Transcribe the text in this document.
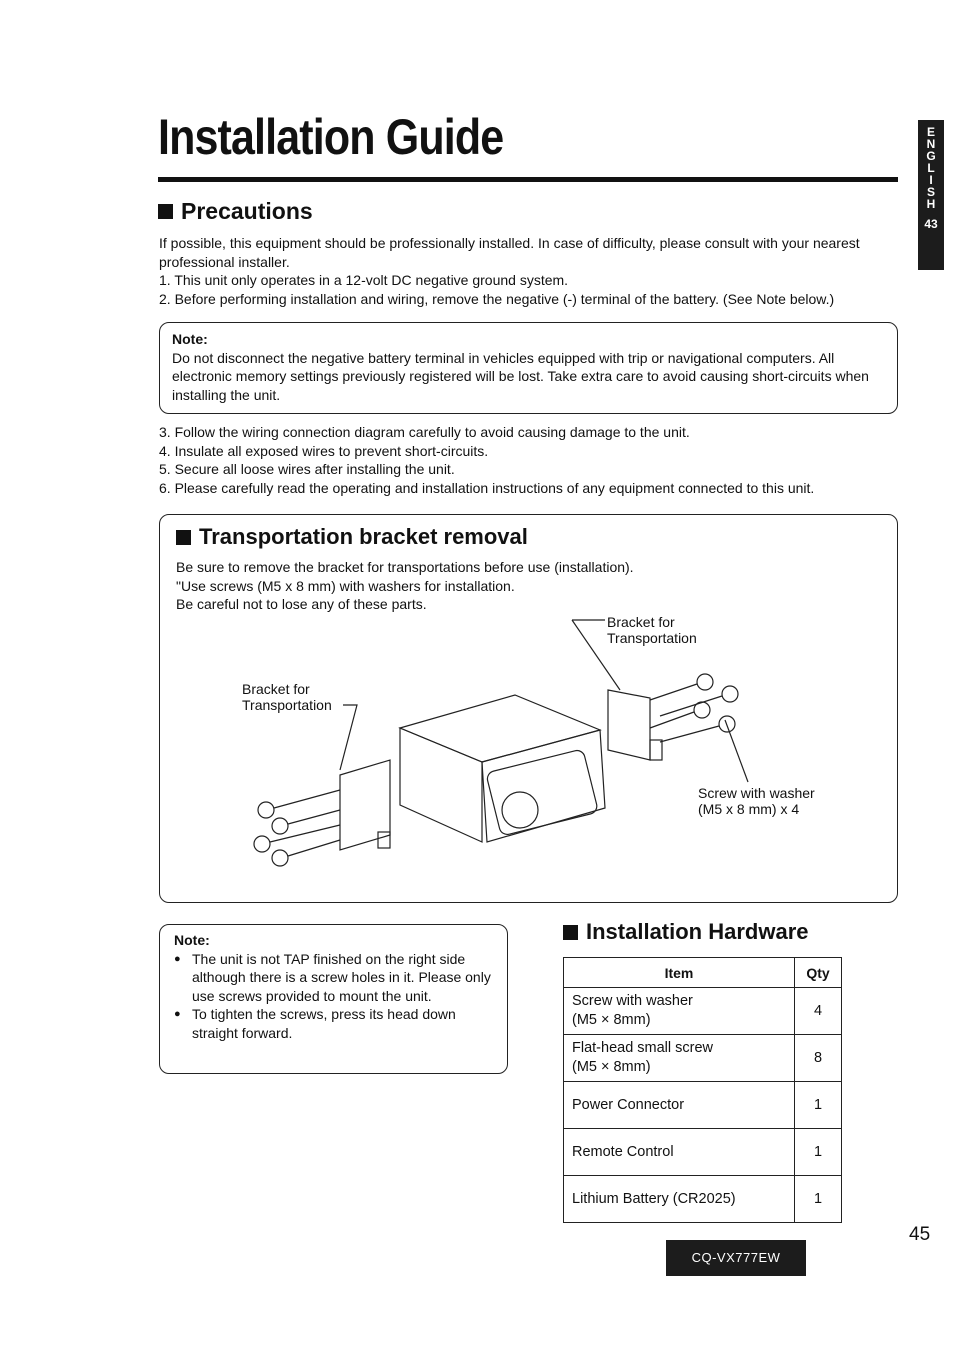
Installation Guide	E
N
G
L
I
S
H
43
Precautions

If possible, this equipment should be professionally installed. In case of difficulty, please consult with your nearest professional installer.

1. This unit only operates in a 12-volt DC negative ground system.

2. Before performing installation and wiring, remove the negative (-) terminal of the battery. (See Note below.)

Note:

Do not disconnect the negative battery terminal in vehicles equipped with trip or navigational computers. All electronic memory settings previously registered will be lost. Take extra care to avoid causing short-circuits when installing the unit.

3. Follow the wiring connection diagram carefully to avoid causing damage to the unit.

4. Insulate all exposed wires to prevent short-circuits.

5. Secure all loose wires after installing the unit.

6. Please carefully read the operating and installation instructions of any equipment connected to this unit.

Transportation bracket removal

Be sure to remove the bracket for transportations before use (installation).

"Use screws (M5 x 8 mm) with washers for installation.

Be careful not to lose any of these parts.

Bracket for
Transportation
Bracket for
Transportation
Screw with washer
(M5 x 8 mm) x 4

Note:

● The unit is not TAP finished on the right side although there is a screw holes in it. Please only use screws provided to mount the unit.
● To tighten the screws, press its head down straight forward.
Installation Hardware
Item	Qty

Screw with washer
(M5 × 8mm)	4

Flat-head small screw
(M5 × 8mm)	8
Power Connector	1
Remote Control	1
Lithium Battery (CR2025)	1
45
CQ-VX777EW
